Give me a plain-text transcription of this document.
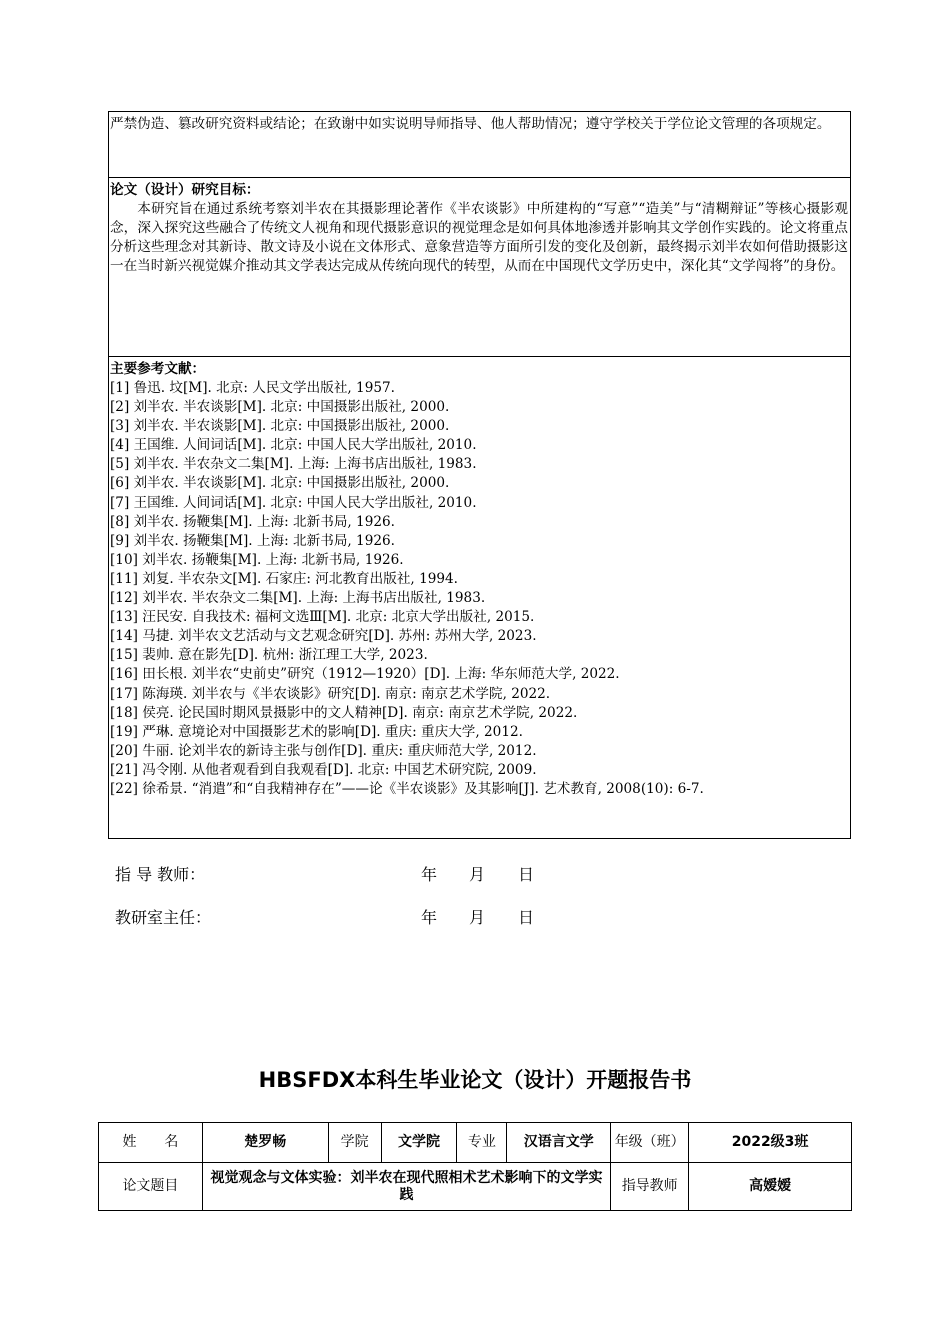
严禁伪造、篡改研究资料或结论；在致谢中如实说明导师指导、他人帮助情况；遵守学校关于学位论文管理的各项规定。
论文（设计）研究目标：
本研究旨在通过系统考察刘半农在其摄影理论著作《半农谈影》中所建构的“写意”“造美”与“清糊辩证”等核心摄影观念，深入探究这些融合了传统文人视角和现代摄影意识的视觉理念是如何具体地渗透并影响其文学创作实践的。论文将重点分析这些理念对其新诗、散文诗及小说在文体形式、意象营造等方面所引发的变化及创新，最终揭示刘半农如何借助摄影这一在当时新兴视觉媒介推动其文学表达完成从传统向现代的转型，从而在中国现代文学历史中，深化其“文学闯将”的身份。
主要参考文献：
[1] 鲁迅. 坟[M]. 北京: 人民文学出版社, 1957.
[2] 刘半农. 半农谈影[M]. 北京: 中国摄影出版社, 2000.
[3] 刘半农. 半农谈影[M]. 北京: 中国摄影出版社, 2000.
[4] 王国维. 人间词话[M]. 北京: 中国人民大学出版社, 2010.
[5] 刘半农. 半农杂文二集[M]. 上海: 上海书店出版社, 1983.
[6] 刘半农. 半农谈影[M]. 北京: 中国摄影出版社, 2000.
[7] 王国维. 人间词话[M]. 北京: 中国人民大学出版社, 2010.
[8] 刘半农. 扬鞭集[M]. 上海: 北新书局, 1926.
[9] 刘半农. 扬鞭集[M]. 上海: 北新书局, 1926.
[10] 刘半农. 扬鞭集[M]. 上海: 北新书局, 1926.
[11] 刘复. 半农杂文[M]. 石家庄: 河北教育出版社, 1994.
[12] 刘半农. 半农杂文二集[M]. 上海: 上海书店出版社, 1983.
[13] 汪民安. 自我技术: 福柯文选Ⅲ[M]. 北京: 北京大学出版社, 2015.
[14] 马捷. 刘半农文艺活动与文艺观念研究[D]. 苏州: 苏州大学, 2023.
[15] 裴帅. 意在影先[D]. 杭州: 浙江理工大学, 2023.
[16] 田长根. 刘半农“史前史”研究（1912—1920）[D]. 上海: 华东师范大学, 2022.
[17] 陈海瑛. 刘半农与《半农谈影》研究[D]. 南京: 南京艺术学院, 2022.
[18] 侯亮. 论民国时期风景摄影中的文人精神[D]. 南京: 南京艺术学院, 2022.
[19] 严琳. 意境论对中国摄影艺术的影响[D]. 重庆: 重庆大学, 2012.
[20] 牛丽. 论刘半农的新诗主张与创作[D]. 重庆: 重庆师范大学, 2012.
[21] 冯令刚. 从他者观看到自我观看[D]. 北京: 中国艺术研究院, 2009.
[22] 徐希景. “消遣”和“自我精神存在”——论《半农谈影》及其影响[J]. 艺术教育, 2008(10): 6-7.
指 导 教师：	年 月 日
教研室主任：	年 月 日
HBSFDX本科生毕业论文（设计）开题报告书
姓　　名	楚罗畅	学院	文学院	专业	汉语言文学	年级（班）	2022级3班
论文题目	视觉观念与文体实验：刘半农在现代照相术艺术影响下的文学实践					指导教师	高嫒嫒
